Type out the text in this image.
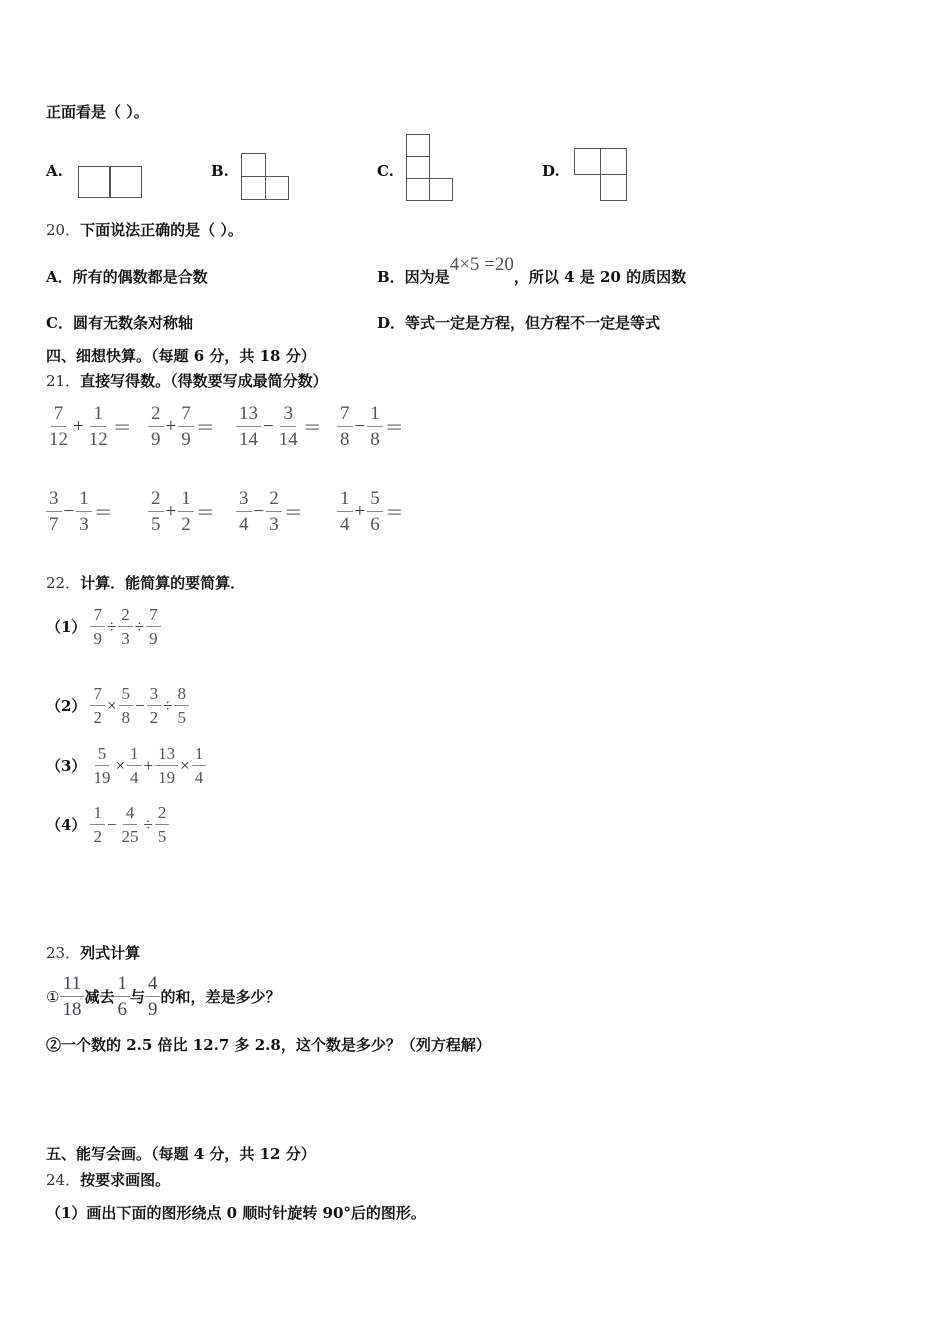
正面看是（ ）。
A.	B.	C.	D.
20．下面说法正确的是（ ）。
A．所有的偶数都是合数	B．因为是4×5 =20，所以 4 是 20 的质因数
C．圆有无数条对称轴	D．等式一定是方程，但方程不一定是等式
四、细想快算。（每题 6 分，共 18 分）
21．直接写得数。（得数要写成最简分数）
$\frac{7}{12} + \frac{1}{12} = \frac{2}{9} + \frac{7}{9} = \frac{13}{14} - \frac{3}{14} = \frac{7}{8} - \frac{1}{8}$ ＝
$\frac{3}{7} - \frac{1}{3} = \frac{2}{5} + \frac{1}{2} = \frac{3}{4} - \frac{2}{3} = \frac{1}{4} + \frac{5}{6}$ ＝
22．计算．能简算的要简算．
$(1) \frac{7}{9} \div \frac{2}{3} \div \frac{7}{9}$
$(2) \frac{7}{2} \times \frac{5}{8} - \frac{3}{2} \div \frac{8}{5}$
$(3) \frac{5}{19} \times \frac{1}{4} + \frac{13}{19} \times \frac{1}{4}$
$(4) \frac{1}{2} - \frac{4}{25} \div \frac{2}{5}$
23．列式计算
① $\frac{11}{18}$ 减去 $\frac{1}{6}$ 与 $\frac{4}{9}$ 的和，差是多少？
②一个数的 2.5 倍比 12.7 多 2.8，这个数是多少？（列方程解）
五、能写会画。（每题 4 分，共 12 分）
24．按要求画图。
（1）画出下面的图形绕点 0 顺时针旋转 90°后的图形。
